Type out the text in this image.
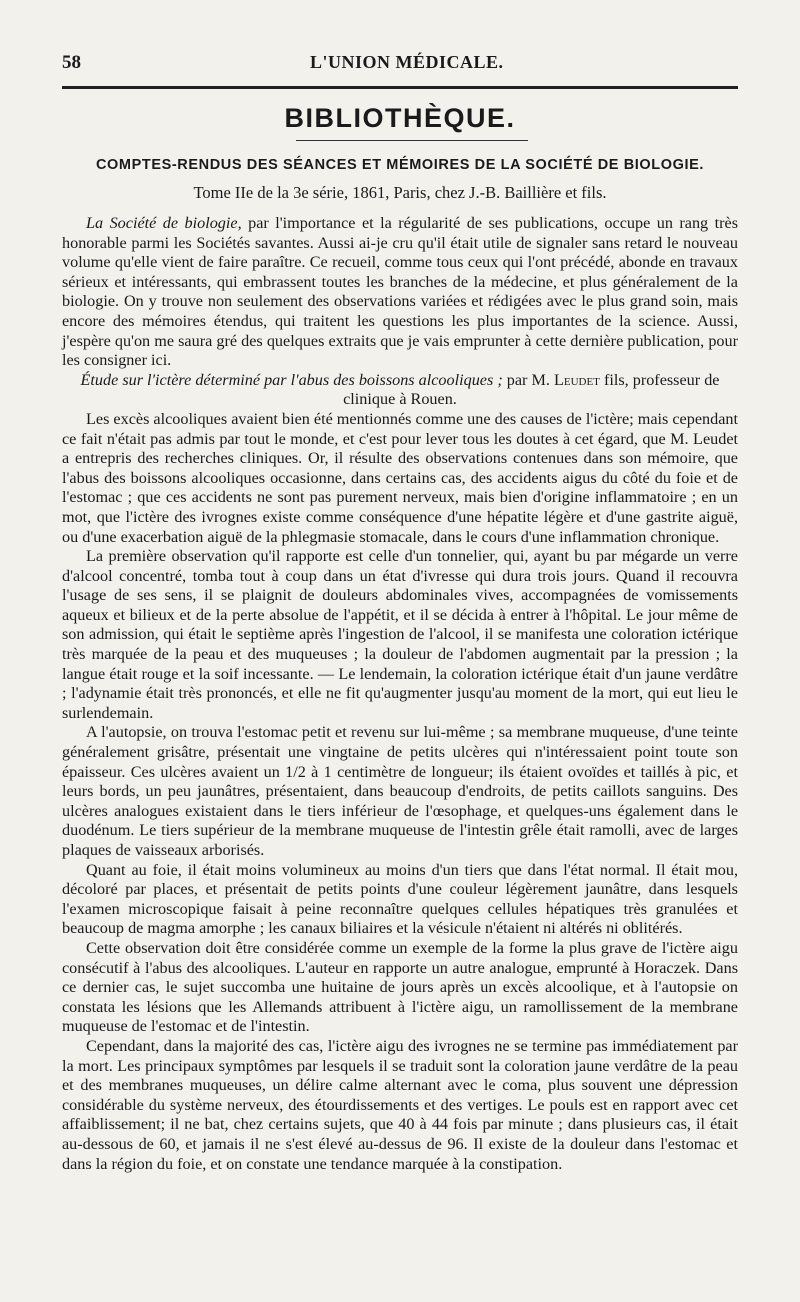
58	L'UNION MÉDICALE.
BIBLIOTHÈQUE.
COMPTES-RENDUS DES SÉANCES ET MÉMOIRES DE LA SOCIÉTÉ DE BIOLOGIE.
Tome IIe de la 3e série, 1861, Paris, chez J.-B. Baillière et fils.

La Société de biologie, par l'importance et la régularité de ses publications, occupe un rang très honorable parmi les Sociétés savantes. Aussi ai-je cru qu'il était utile de signaler sans retard le nouveau volume qu'elle vient de faire paraître. Ce recueil, comme tous ceux qui l'ont précédé, abonde en travaux sérieux et intéressants, qui embrassent toutes les branches de la médecine, et plus généralement de la biologie. On y trouve non seulement des observations variées et rédigées avec le plus grand soin, mais encore des mémoires étendus, qui traitent les questions les plus importantes de la science. Aussi, j'espère qu'on me saura gré des quelques extraits que je vais emprunter à cette dernière publication, pour les consigner ici.

Étude sur l'ictère déterminé par l'abus des boissons alcooliques ; par M. Leudet fils, professeur de clinique à Rouen.

Les excès alcooliques avaient bien été mentionnés comme une des causes de l'ictère; mais cependant ce fait n'était pas admis par tout le monde, et c'est pour lever tous les doutes à cet égard, que M. Leudet a entrepris des recherches cliniques. Or, il résulte des observations contenues dans son mémoire, que l'abus des boissons alcooliques occasionne, dans certains cas, des accidents aigus du côté du foie et de l'estomac ; que ces accidents ne sont pas purement nerveux, mais bien d'origine inflammatoire ; en un mot, que l'ictère des ivrognes existe comme conséquence d'une hépatite légère et d'une gastrite aiguë, ou d'une exacerbation aiguë de la phlegmasie stomacale, dans le cours d'une inflammation chronique.

La première observation qu'il rapporte est celle d'un tonnelier, qui, ayant bu par mégarde un verre d'alcool concentré, tomba tout à coup dans un état d'ivresse qui dura trois jours. Quand il recouvra l'usage de ses sens, il se plaignit de douleurs abdominales vives, accompagnées de vomissements aqueux et bilieux et de la perte absolue de l'appétit, et il se décida à entrer à l'hôpital. Le jour même de son admission, qui était le septième après l'ingestion de l'alcool, il se manifesta une coloration ictérique très marquée de la peau et des muqueuses ; la douleur de l'abdomen augmentait par la pression ; la langue était rouge et la soif incessante. — Le lendemain, la coloration ictérique était d'un jaune verdâtre ; l'adynamie était très prononcés, et elle ne fit qu'augmenter jusqu'au moment de la mort, qui eut lieu le surlendemain.

A l'autopsie, on trouva l'estomac petit et revenu sur lui-même ; sa membrane muqueuse, d'une teinte généralement grisâtre, présentait une vingtaine de petits ulcères qui n'intéressaient point toute son épaisseur. Ces ulcères avaient un 1/2 à 1 centimètre de longueur; ils étaient ovoïdes et taillés à pic, et leurs bords, un peu jaunâtres, présentaient, dans beaucoup d'endroits, de petits caillots sanguins. Des ulcères analogues existaient dans le tiers inférieur de l'œsophage, et quelques-uns également dans le duodénum. Le tiers supérieur de la membrane muqueuse de l'intestin grêle était ramolli, avec de larges plaques de vaisseaux arborisés.

Quant au foie, il était moins volumineux au moins d'un tiers que dans l'état normal. Il était mou, décoloré par places, et présentait de petits points d'une couleur légèrement jaunâtre, dans lesquels l'examen microscopique faisait à peine reconnaître quelques cellules hépatiques très granulées et beaucoup de magma amorphe ; les canaux biliaires et la vésicule n'étaient ni altérés ni oblitérés.

Cette observation doit être considérée comme un exemple de la forme la plus grave de l'ictère aigu consécutif à l'abus des alcooliques. L'auteur en rapporte un autre analogue, emprunté à Horaczek. Dans ce dernier cas, le sujet succomba une huitaine de jours après un excès alcoolique, et à l'autopsie on constata les lésions que les Allemands attribuent à l'ictère aigu, un ramollissement de la membrane muqueuse de l'estomac et de l'intestin.

Cependant, dans la majorité des cas, l'ictère aigu des ivrognes ne se termine pas immédiatement par la mort. Les principaux symptômes par lesquels il se traduit sont la coloration jaune verdâtre de la peau et des membranes muqueuses, un délire calme alternant avec le coma, plus souvent une dépression considérable du système nerveux, des étourdissements et des vertiges. Le pouls est en rapport avec cet affaiblissement; il ne bat, chez certains sujets, que 40 à 44 fois par minute ; dans plusieurs cas, il était au-dessous de 60, et jamais il ne s'est élevé au-dessus de 96. Il existe de la douleur dans l'estomac et dans la région du foie, et on constate une tendance marquée à la constipation.
